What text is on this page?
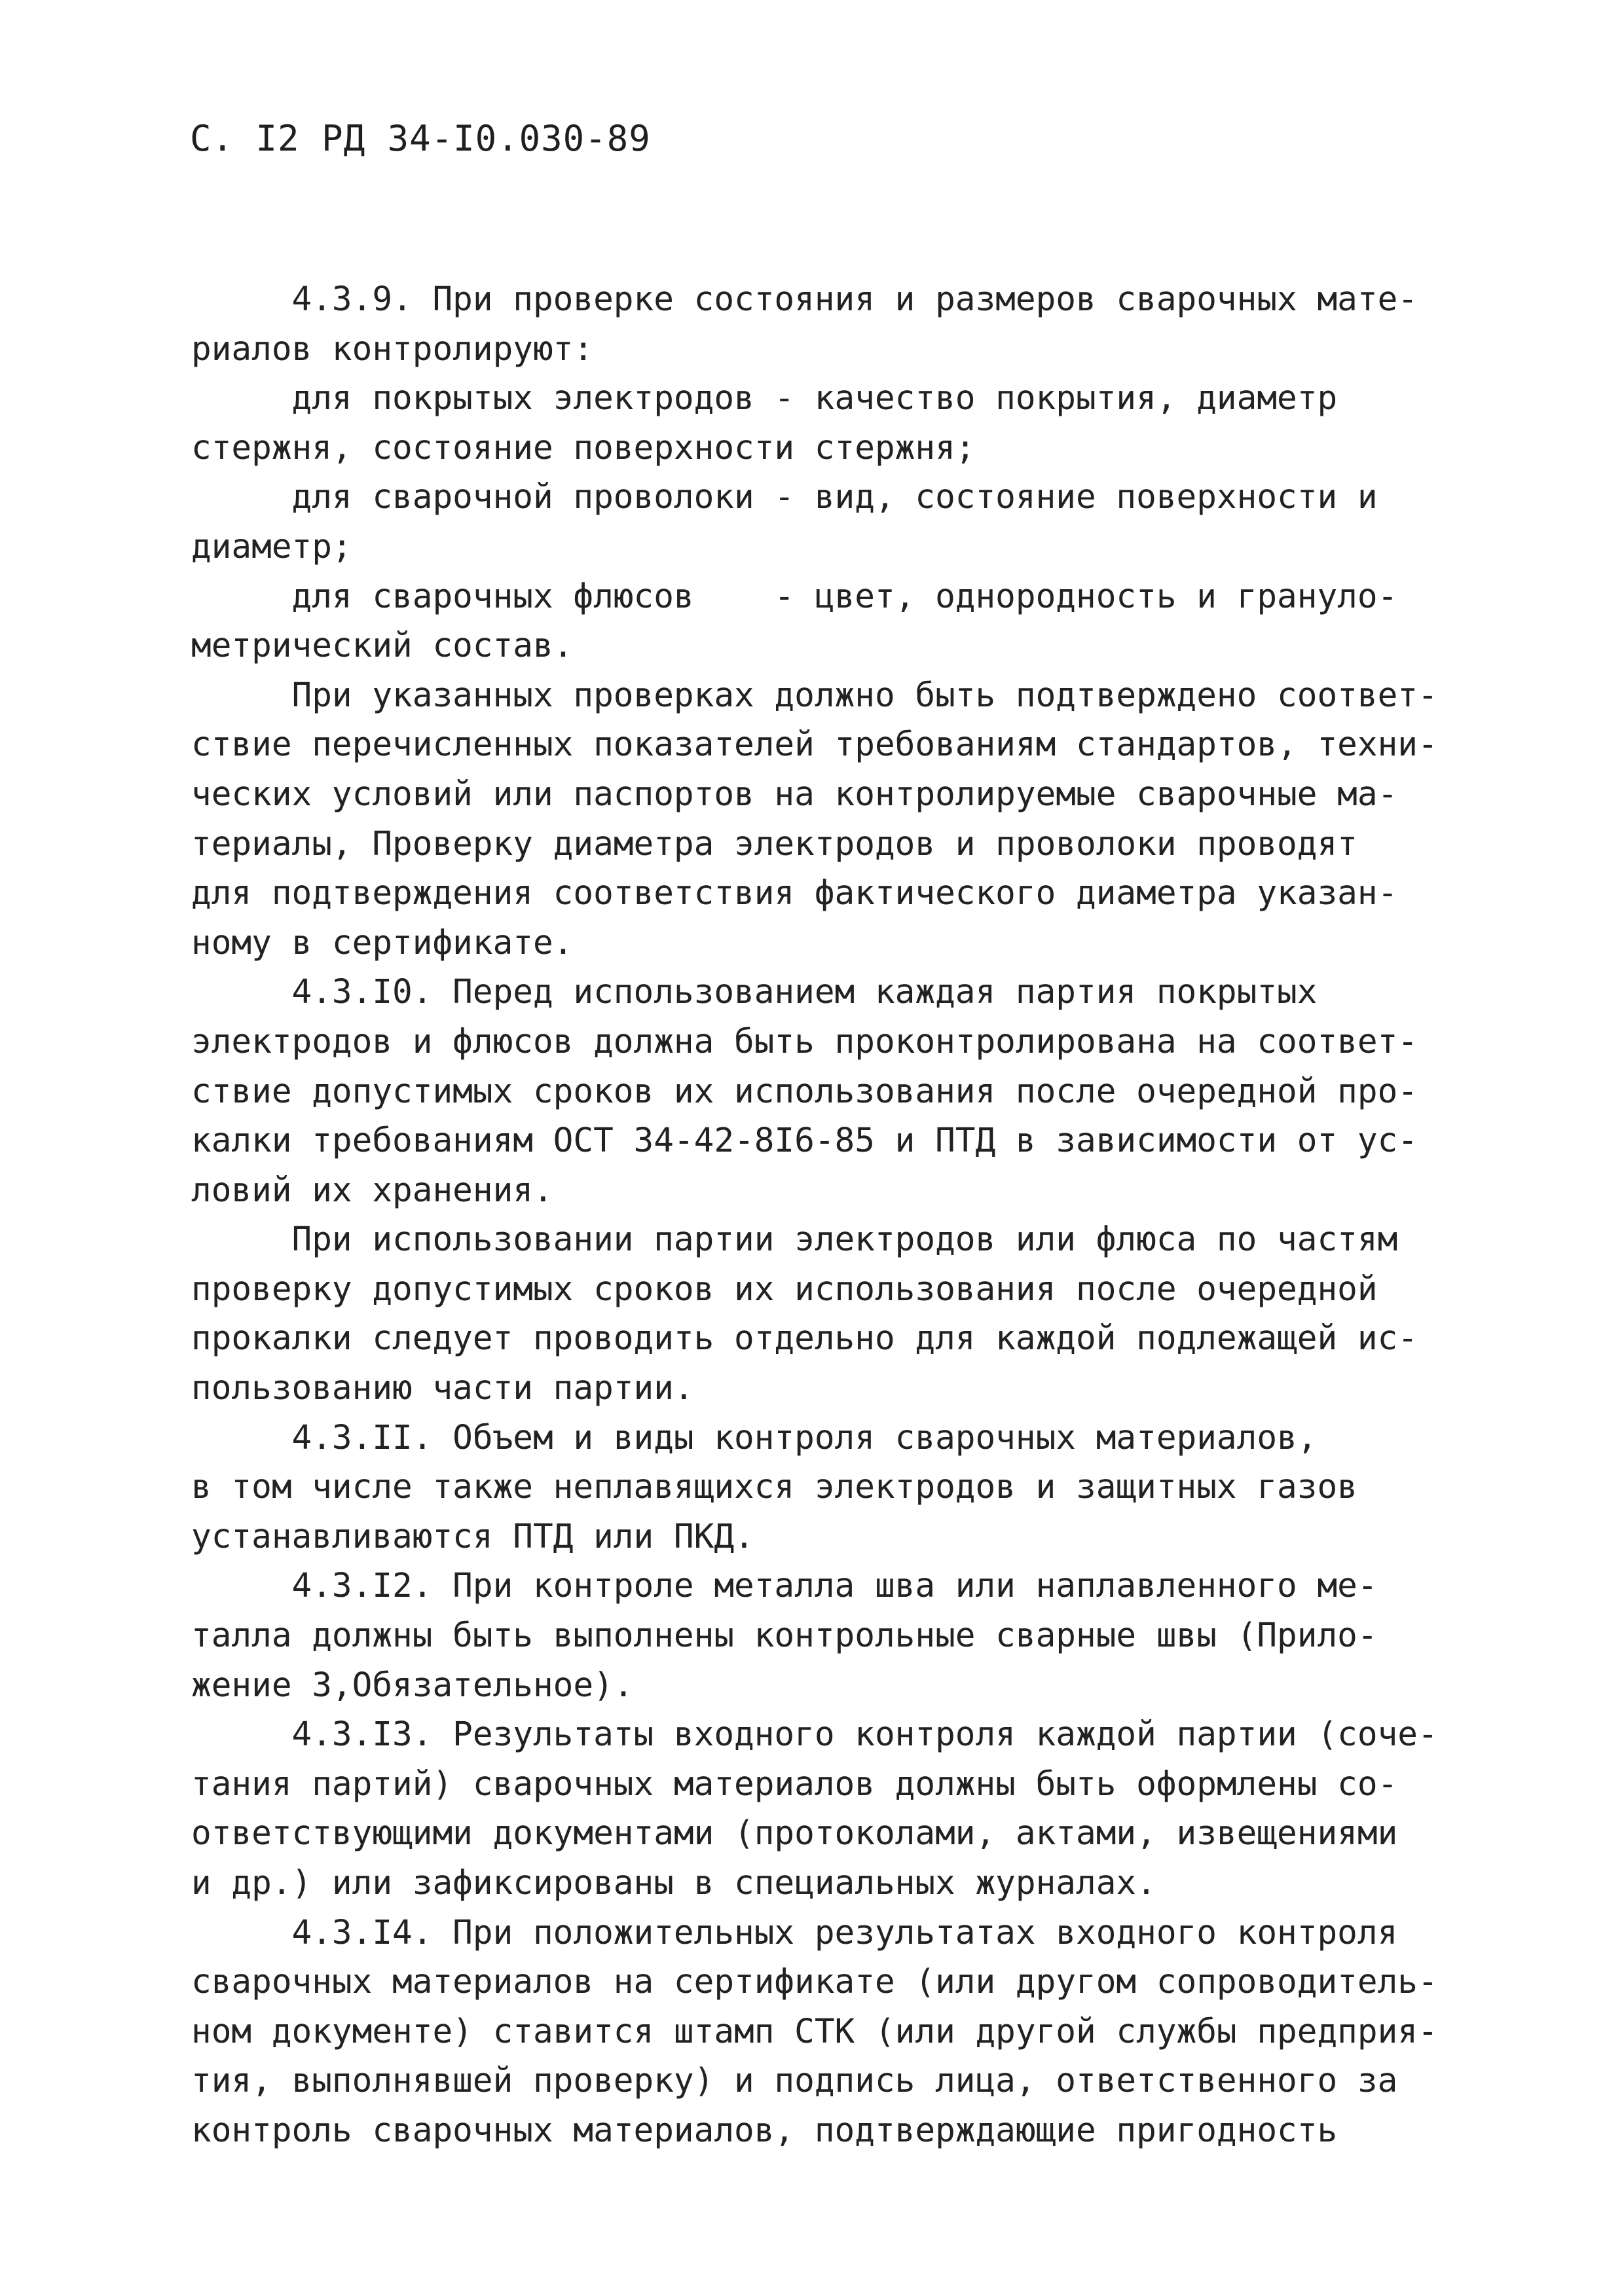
С. I2 РД 34-I0.030-89
4.3.9. При проверке состояния и размеров сварочных мате-
риалов контролируют:
для покрытых электродов - качество покрытия, диаметр
стержня, состояние поверхности стержня;
для сварочной проволоки - вид, состояние поверхности и
диаметр;
для сварочных флюсов    - цвет, однородность и грануло-
метрический состав.
При указанных проверках должно быть подтверждено соответ-
ствие перечисленных показателей требованиям стандартов, техни-
ческих условий или паспортов на контролируемые сварочные ма-
териалы, Проверку диаметра электродов и проволоки проводят
для подтверждения соответствия фактического диаметра указан-
ному в сертификате.
4.3.I0. Перед использованием каждая партия покрытых
электродов и флюсов должна быть проконтролирована на соответ-
ствие допустимых сроков их использования после очередной про-
калки требованиям ОСТ 34-42-8I6-85 и ПТД в зависимости от ус-
ловий их хранения.
При использовании партии электродов или флюса по частям
проверку допустимых сроков их использования после очередной
прокалки следует проводить отдельно для каждой подлежащей ис-
пользованию части партии.
4.3.II. Объем и виды контроля сварочных материалов,
в том числе также неплавящихся электродов и защитных газов
устанавливаются ПТД или ПКД.
4.3.I2. При контроле металла шва или наплавленного ме-
талла должны быть выполнены контрольные сварные швы (Прило-
жение 3,Обязательное).
4.3.I3. Результаты входного контроля каждой партии (соче-
тания партий) сварочных материалов должны быть оформлены со-
ответствующими документами (протоколами, актами, извещениями
и др.) или зафиксированы в специальных журналах.
4.3.I4. При положительных результатах входного контроля
сварочных материалов на сертификате (или другом сопроводитель-
ном документе) ставится штамп СТК (или другой службы предприя-
тия, выполнявшей проверку) и подпись лица, ответственного за
контроль сварочных материалов, подтверждающие пригодность
